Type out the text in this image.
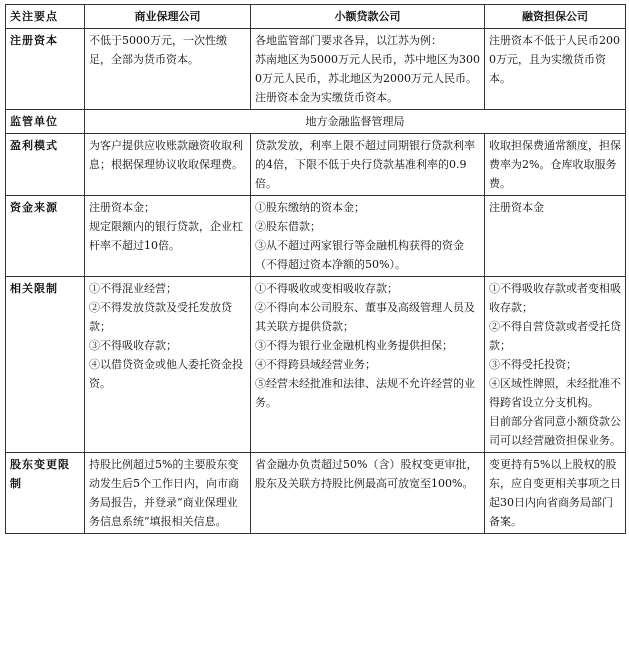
关注要点	商业保理公司	小额贷款公司	融资担保公司
注册资本	不低于5000万元，一次性缴足，全部为货币资本。	各地监管部门要求各异，以江苏为例：
苏南地区为5000万元人民币，苏中地区为3000万元人民币，苏北地区为2000万元人民币。注册资本金为实缴货币资本。	注册资本不低于人民币2000万元，且为实缴货币资本。

监管单位	地方金融监督管理局		
盈利模式	为客户提供应收账款融资收取利息；根据保理协议收取保理费。	贷款发放，利率上限不超过同期银行贷款利率的4倍，下限不低于央行贷款基准利率的0.9倍。	收取担保费通常额度，担保费率为2%。仓库收取服务费。

资金来源	注册资本金；
规定限额内的银行贷款，企业杠杆率不超过10倍。	①股东缴纳的资本金；
②股东借款；
③从不超过两家银行等金融机构获得的资金（不得超过资本净额的50%）。	注册资本金

相关限制	①不得混业经营；
②不得发放贷款及受托发放贷款；
③不得吸收存款；
④以借贷资金或他人委托资金投资。	①不得吸收或变相吸收存款；
②不得向本公司股东、董事及高级管理人员及其关联方提供贷款；
③不得为银行业金融机构业务提供担保；
④不得跨县域经营业务；
⑤经营未经批准和法律、法规不允许经营的业务。	①不得吸收存款或者变相吸收存款；
②不得自营贷款或者受托贷款；
③不得受托投资；
④区域性牌照，未经批准不得跨省设立分支机构。
目前部分省同意小额贷款公司可以经营融资担保业务。

股东变更限制	持股比例超过5%的主要股东变动发生后5个工作日内，向市商务局报告，并登录“商业保理业务信息系统”填报相关信息。	省金融办负责超过50%（含）股权变更审批，股东及关联方持股比例最高可放宽至100%。	变更持有5%以上股权的股东，应自变更相关事项之日起30日内向省商务局部门备案。
